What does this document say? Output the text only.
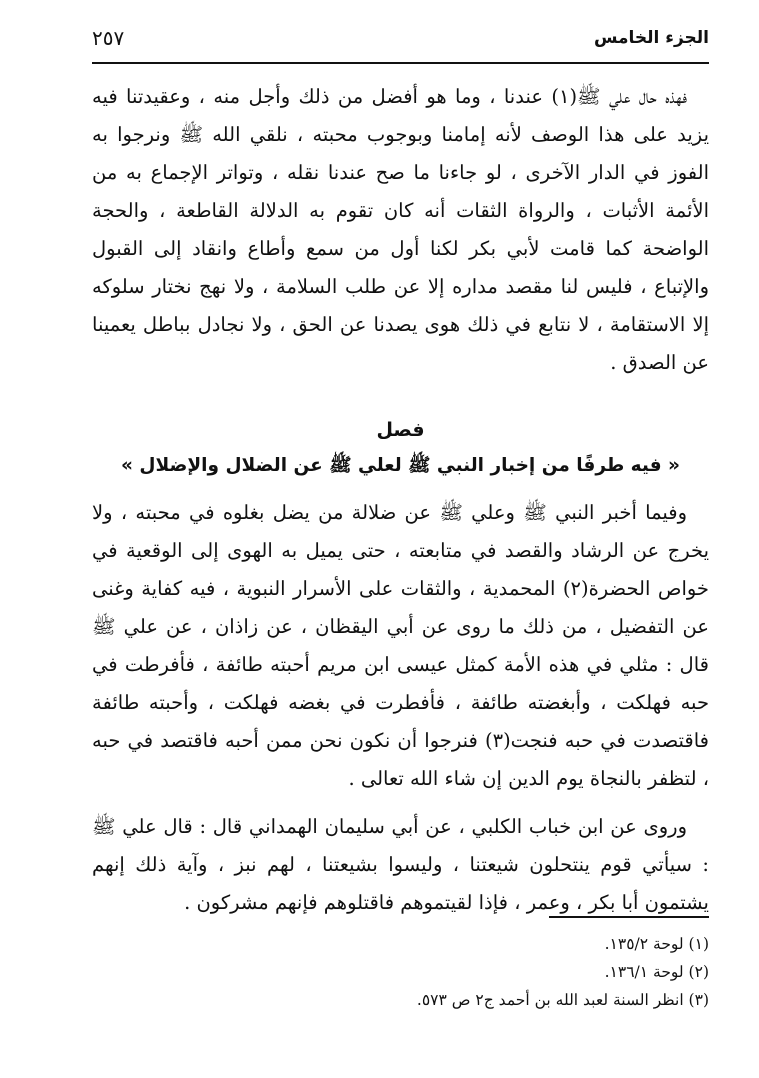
الجزء الخامس
٢٥٧

فهذه حال علي ﷺ(١) عندنا ، وما هو أفضل من ذلك وأجل منه ، وعقيدتنا فيه يزيد على هذا الوصف لأنه إمامنا وبوجوب محبته ، نلقي الله ﷺ ونرجوا به الفوز في الدار الآخرى ، لو جاءنا ما صح عندنا نقله ، وتواتر الإجماع به من الأئمة الأثبات ، والرواة الثقات أنه كان تقوم به الدلالة القاطعة ، والحجة الواضحة كما قامت لأبي بكر لكنا أول من سمع وأطاع وانقاد إلى القبول والإتباع ، فليس لنا مقصد مداره إلا عن طلب السلامة ، ولا نهج نختار سلوكه إلا الاستقامة ، لا نتابع في ذلك هوى يصدنا عن الحق ، ولا نجادل بباطل يعمينا عن الصدق .

فصل
« فيه طرفًا من إخبار النبي ﷺ لعلي ﷺ عن الضلال والإضلال »

وفيما أخبر النبي ﷺ وعلي ﷺ عن ضلالة من يضل بغلوه في محبته ، ولا يخرج عن الرشاد والقصد في متابعته ، حتى يميل به الهوى إلى الوقعية في خواص الحضرة(٢) المحمدية ، والثقات على الأسرار النبوية ، فيه كفاية وغنى عن التفضيل ، من ذلك ما روى عن أبي اليقظان ، عن زاذان ، عن علي ﷺ قال : مثلي في هذه الأمة كمثل عيسى ابن مريم أحبته طائفة ، فأفرطت في حبه فهلكت ، وأبغضته طائفة ، فأفطرت في بغضه فهلكت ، وأحبته طائفة فاقتصدت في حبه فنجت(٣) فنرجوا أن نكون نحن ممن أحبه فاقتصد في حبه ، لتظفر بالنجاة يوم الدين إن شاء الله تعالى .

وروى عن ابن خباب الكلبي ، عن أبي سليمان الهمداني قال : قال علي ﷺ : سيأتي قوم ينتحلون شيعتنا ، وليسوا بشيعتنا ، لهم نبز ، وآية ذلك إنهم يشتمون أبا بكر ، وعمر ، فإذا لقيتموهم فاقتلوهم فإنهم مشركون .

(١) لوحة ١٣٥/٢.
(٢) لوحة ١٣٦/١.
(٣) انظر السنة لعبد الله بن أحمد ج٢ ص ٥٧٣.
